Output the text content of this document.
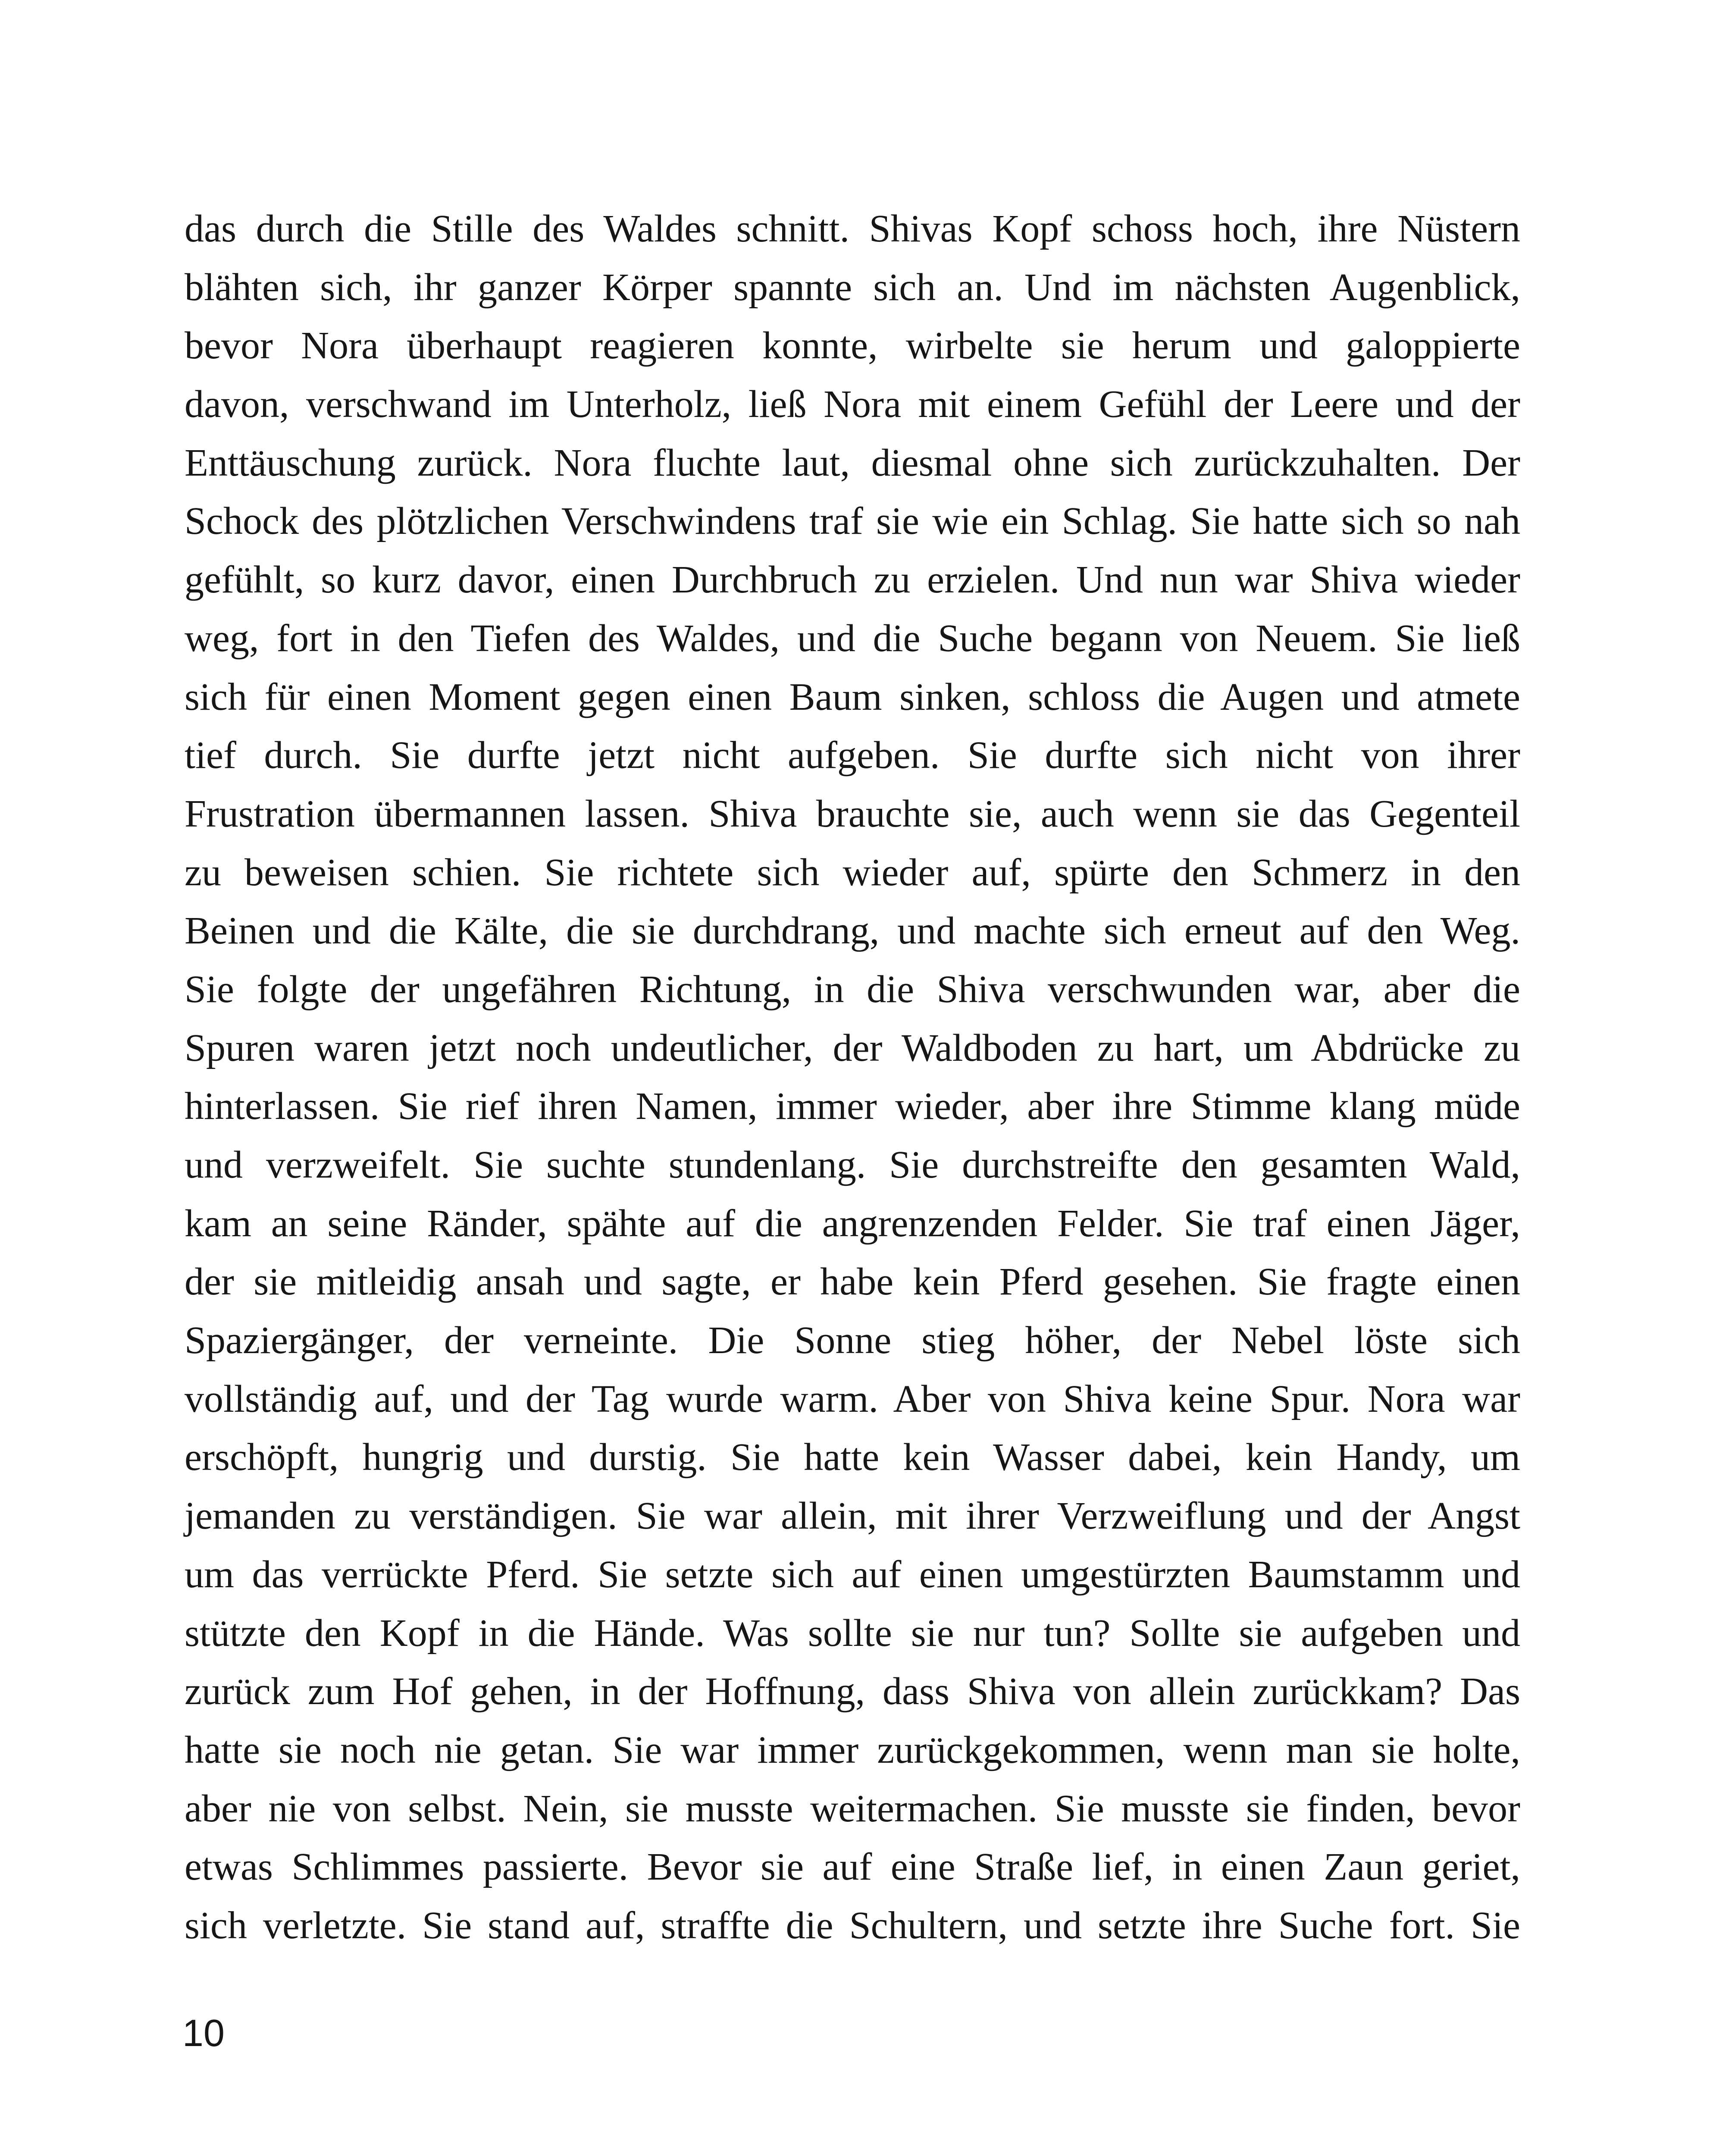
das durch die Stille des Waldes schnitt. Shivas Kopf schoss hoch, ihre Nüstern
blähten sich, ihr ganzer Körper spannte sich an. Und im nächsten Augenblick,
bevor Nora überhaupt reagieren konnte, wirbelte sie herum und galoppierte
davon, verschwand im Unterholz, ließ Nora mit einem Gefühl der Leere und der
Enttäuschung zurück. Nora fluchte laut, diesmal ohne sich zurückzuhalten. Der
Schock des plötzlichen Verschwindens traf sie wie ein Schlag. Sie hatte sich so nah
gefühlt, so kurz davor, einen Durchbruch zu erzielen. Und nun war Shiva wieder
weg, fort in den Tiefen des Waldes, und die Suche begann von Neuem. Sie ließ
sich für einen Moment gegen einen Baum sinken, schloss die Augen und atmete
tief durch. Sie durfte jetzt nicht aufgeben. Sie durfte sich nicht von ihrer
Frustration übermannen lassen. Shiva brauchte sie, auch wenn sie das Gegenteil
zu beweisen schien. Sie richtete sich wieder auf, spürte den Schmerz in den
Beinen und die Kälte, die sie durchdrang, und machte sich erneut auf den Weg.
Sie folgte der ungefähren Richtung, in die Shiva verschwunden war, aber die
Spuren waren jetzt noch undeutlicher, der Waldboden zu hart, um Abdrücke zu
hinterlassen. Sie rief ihren Namen, immer wieder, aber ihre Stimme klang müde
und verzweifelt. Sie suchte stundenlang. Sie durchstreifte den gesamten Wald,
kam an seine Ränder, spähte auf die angrenzenden Felder. Sie traf einen Jäger,
der sie mitleidig ansah und sagte, er habe kein Pferd gesehen. Sie fragte einen
Spaziergänger, der verneinte. Die Sonne stieg höher, der Nebel löste sich
vollständig auf, und der Tag wurde warm. Aber von Shiva keine Spur. Nora war
erschöpft, hungrig und durstig. Sie hatte kein Wasser dabei, kein Handy, um
jemanden zu verständigen. Sie war allein, mit ihrer Verzweiflung und der Angst
um das verrückte Pferd. Sie setzte sich auf einen umgestürzten Baumstamm und
stützte den Kopf in die Hände. Was sollte sie nur tun? Sollte sie aufgeben und
zurück zum Hof gehen, in der Hoffnung, dass Shiva von allein zurückkam? Das
hatte sie noch nie getan. Sie war immer zurückgekommen, wenn man sie holte,
aber nie von selbst. Nein, sie musste weitermachen. Sie musste sie finden, bevor
etwas Schlimmes passierte. Bevor sie auf eine Straße lief, in einen Zaun geriet,
sich verletzte. Sie stand auf, straffte die Schultern, und setzte ihre Suche fort. Sie
10
